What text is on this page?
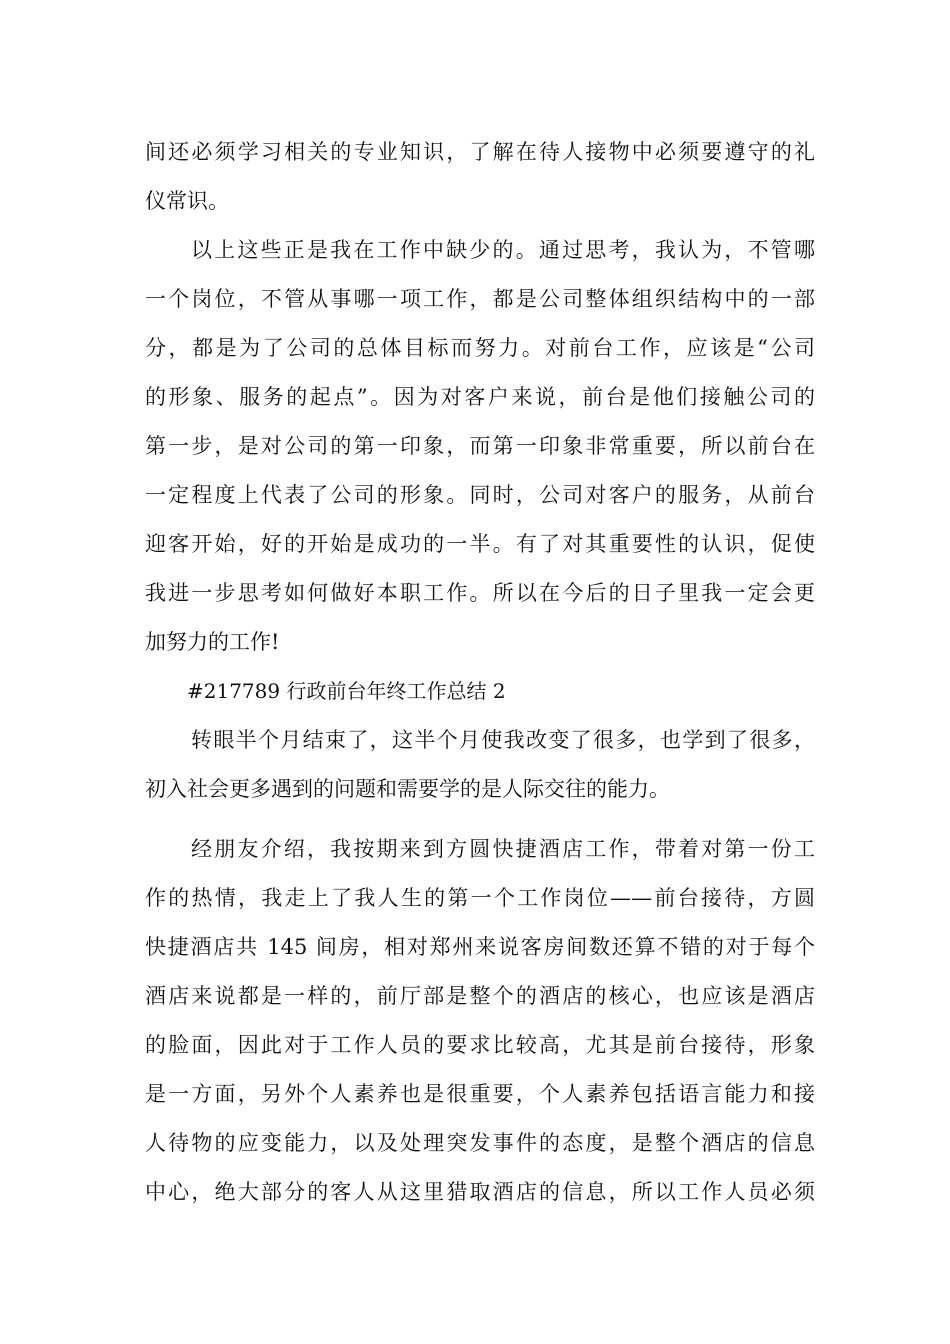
间还必须学习相关的专业知识，了解在待人接物中必须要遵守的礼
仪常识。
以上这些正是我在工作中缺少的。通过思考，我认为，不管哪
一个岗位，不管从事哪一项工作，都是公司整体组织结构中的一部
分，都是为了公司的总体目标而努力。对前台工作，应该是“公司
的形象、服务的起点”。因为对客户来说，前台是他们接触公司的
第一步，是对公司的第一印象，而第一印象非常重要，所以前台在
一定程度上代表了公司的形象。同时，公司对客户的服务，从前台
迎客开始，好的开始是成功的一半。有了对其重要性的认识，促使
我进一步思考如何做好本职工作。所以在今后的日子里我一定会更
加努力的工作!
#217789 行政前台年终工作总结 2
转眼半个月结束了，这半个月使我改变了很多，也学到了很多，
初入社会更多遇到的问题和需要学的是人际交往的能力。
经朋友介绍，我按期来到方圆快捷酒店工作，带着对第一份工
作的热情，我走上了我人生的第一个工作岗位——前台接待，方圆
快捷酒店共 145 间房，相对郑州来说客房间数还算不错的对于每个
酒店来说都是一样的，前厅部是整个的酒店的核心，也应该是酒店
的脸面，因此对于工作人员的要求比较高，尤其是前台接待，形象
是一方面，另外个人素养也是很重要，个人素养包括语言能力和接
人待物的应变能力，以及处理突发事件的态度，是整个酒店的信息
中心，绝大部分的客人从这里猎取酒店的信息，所以工作人员必须
